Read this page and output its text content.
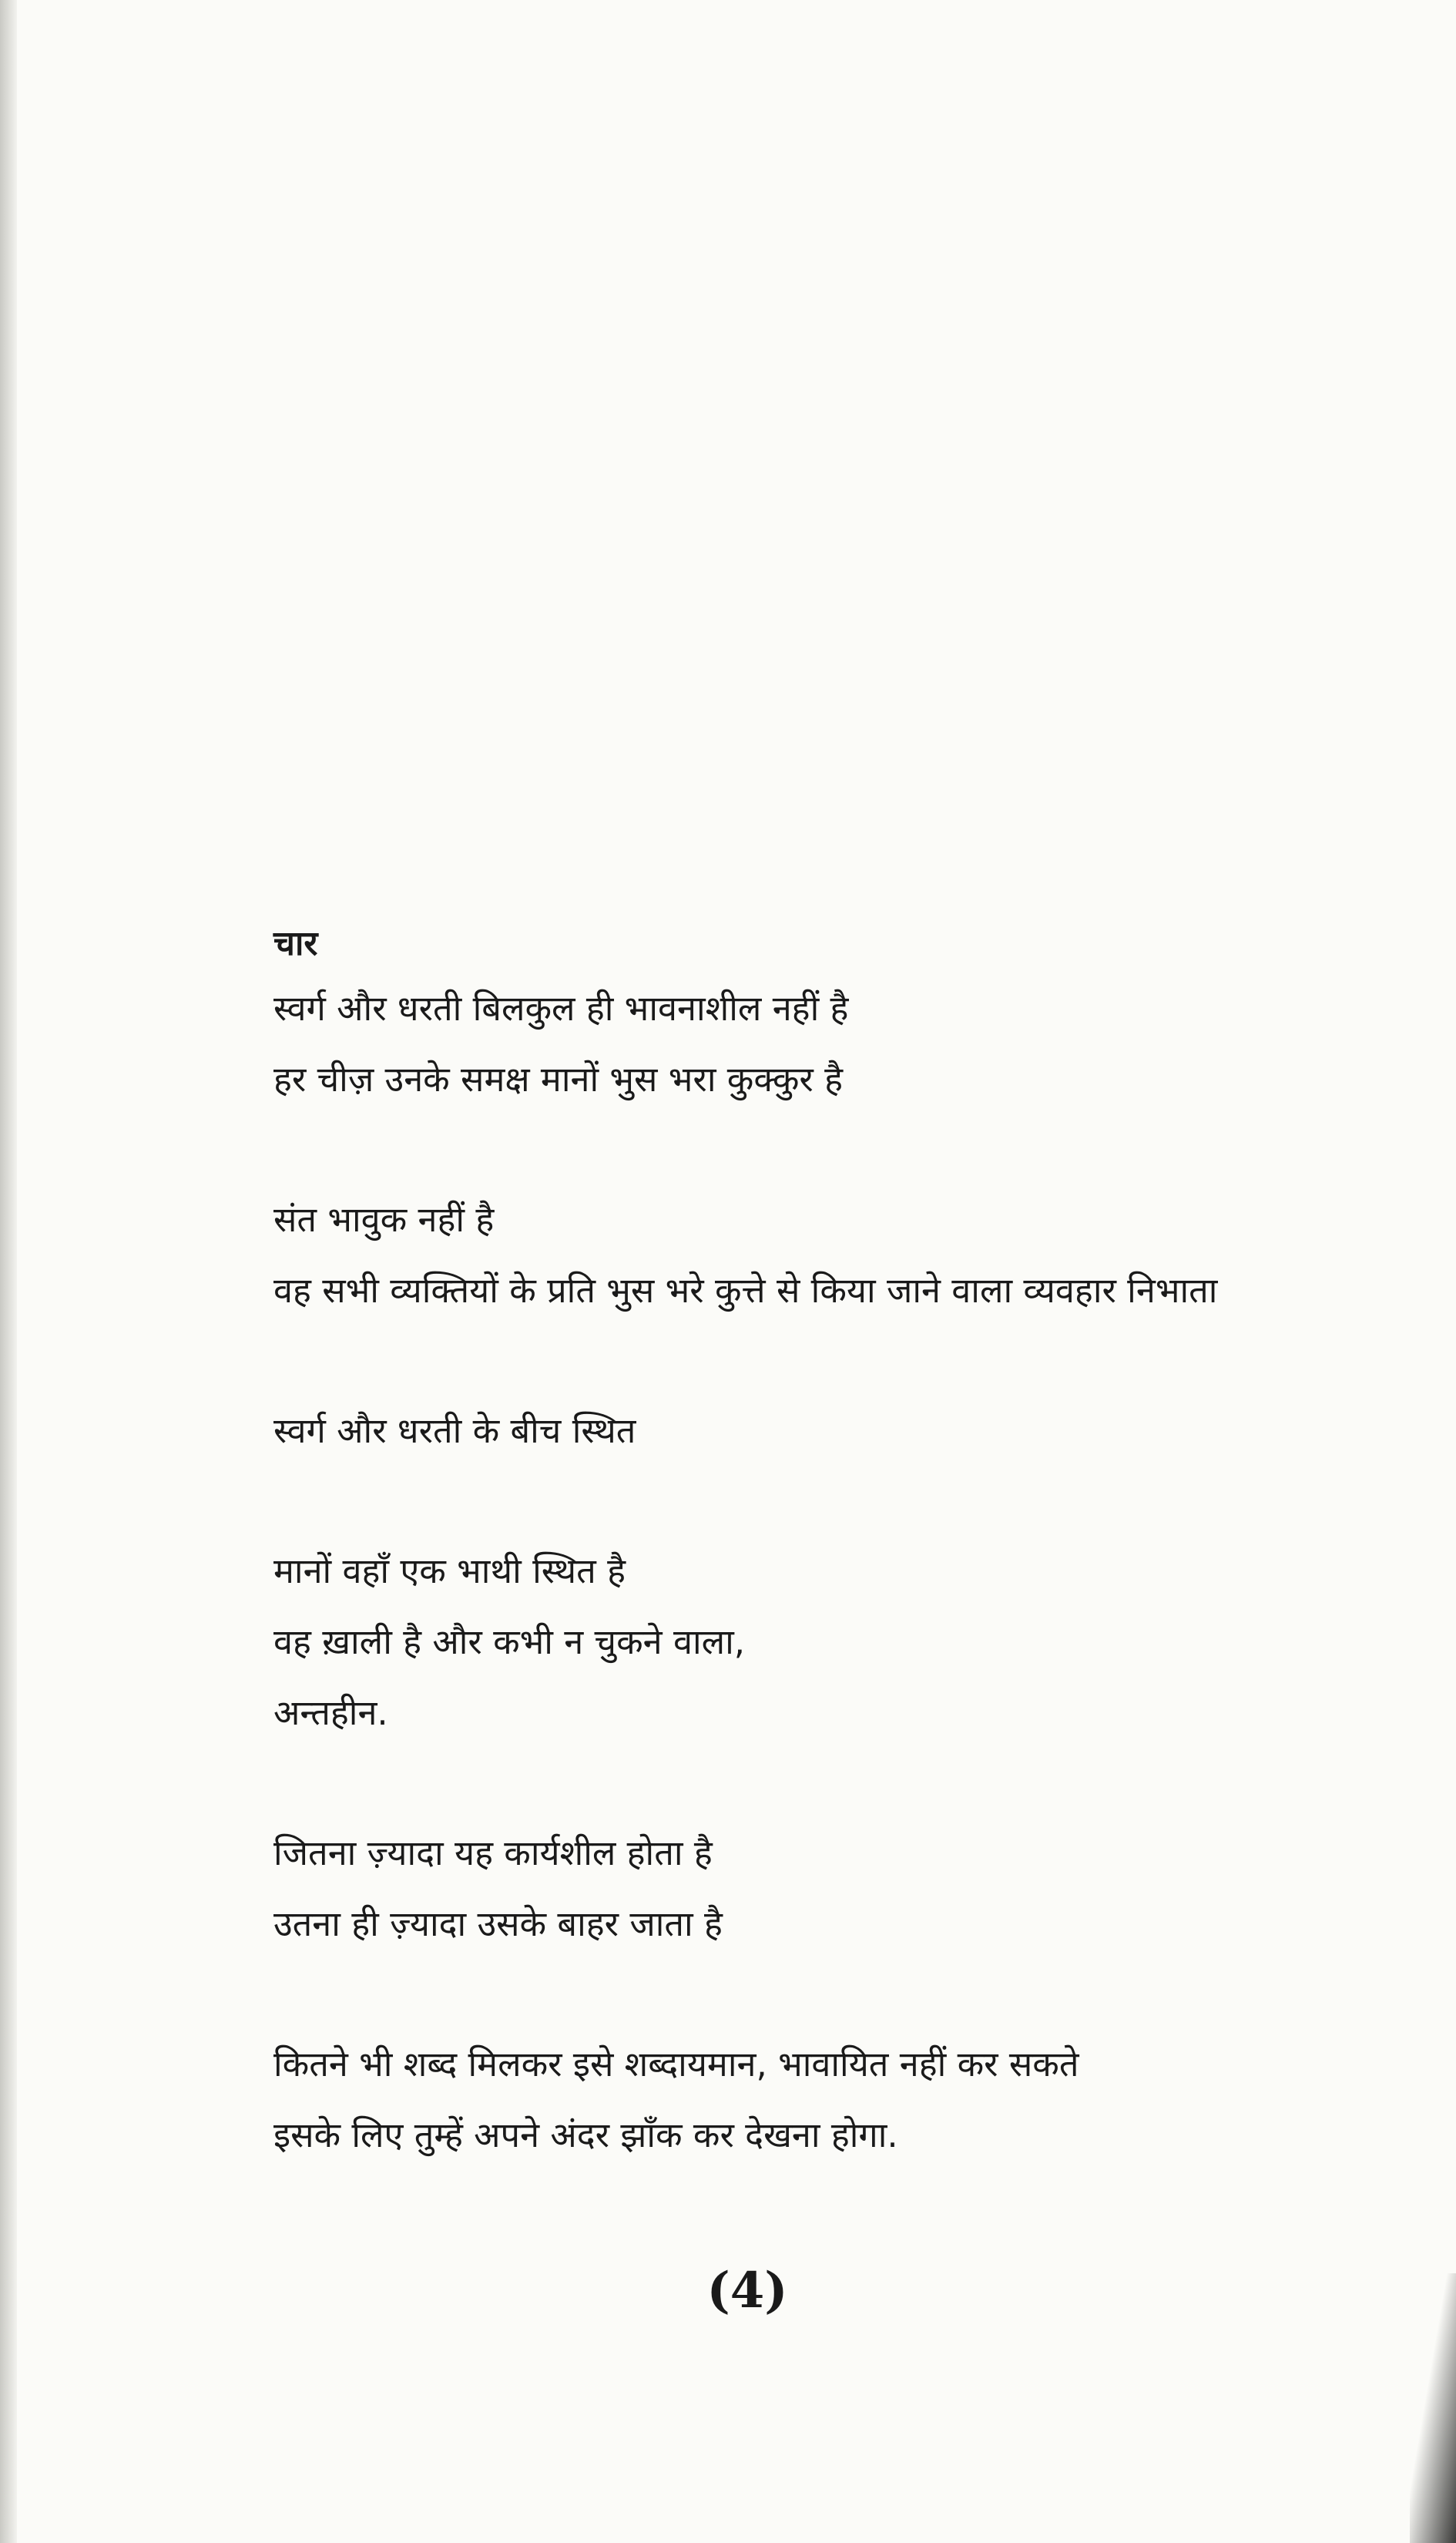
चार
स्वर्ग और धरती बिलकुल ही भावनाशील नहीं है
हर चीज़ उनके समक्ष मानों भुस भरा कुक्कुर है
संत भावुक नहीं है
वह सभी व्यक्तियों के प्रति भुस भरे कुत्ते से किया जाने वाला व्यवहार निभाता
स्वर्ग और धरती के बीच स्थित
मानों वहाँ एक भाथी स्थित है
वह ख़ाली है और कभी न चुकने वाला,
अन्तहीन.
जितना ज़्यादा यह कार्यशील होता है
उतना ही ज़्यादा उसके बाहर जाता है
कितने भी शब्द मिलकर इसे शब्दायमान, भावायित नहीं कर सकते
इसके लिए तुम्हें अपने अंदर झाँक कर देखना होगा.
(4)
